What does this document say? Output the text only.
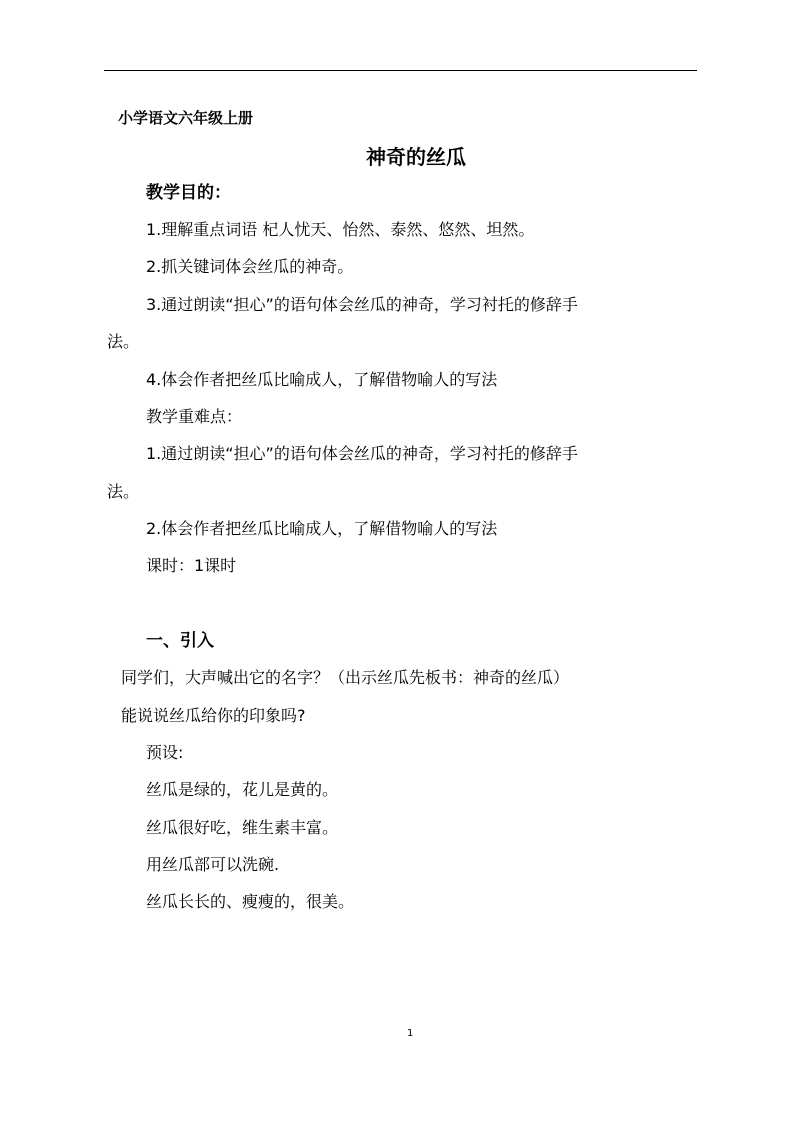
小学语文六年级上册
神奇的丝瓜
教学目的：
1.理解重点词语 杞人忧天、怡然、泰然、悠然、坦然。
2.抓关键词体会丝瓜的神奇。
3.通过朗读“担心”的语句体会丝瓜的神奇，学习衬托的修辞手
法。
4.体会作者把丝瓜比喻成人，了解借物喻人的写法
教学重难点：
1.通过朗读“担心”的语句体会丝瓜的神奇，学习衬托的修辞手
法。
2.体会作者把丝瓜比喻成人，了解借物喻人的写法
课时：1课时
一、引入
同学们，大声喊出它的名字？（出示丝瓜先板书：神奇的丝瓜）
能说说丝瓜给你的印象吗?
预设:
丝瓜是绿的，花儿是黄的。
丝瓜很好吃，维生素丰富。
用丝瓜部可以洗碗.
丝瓜长长的、瘦瘦的，很美。
1
